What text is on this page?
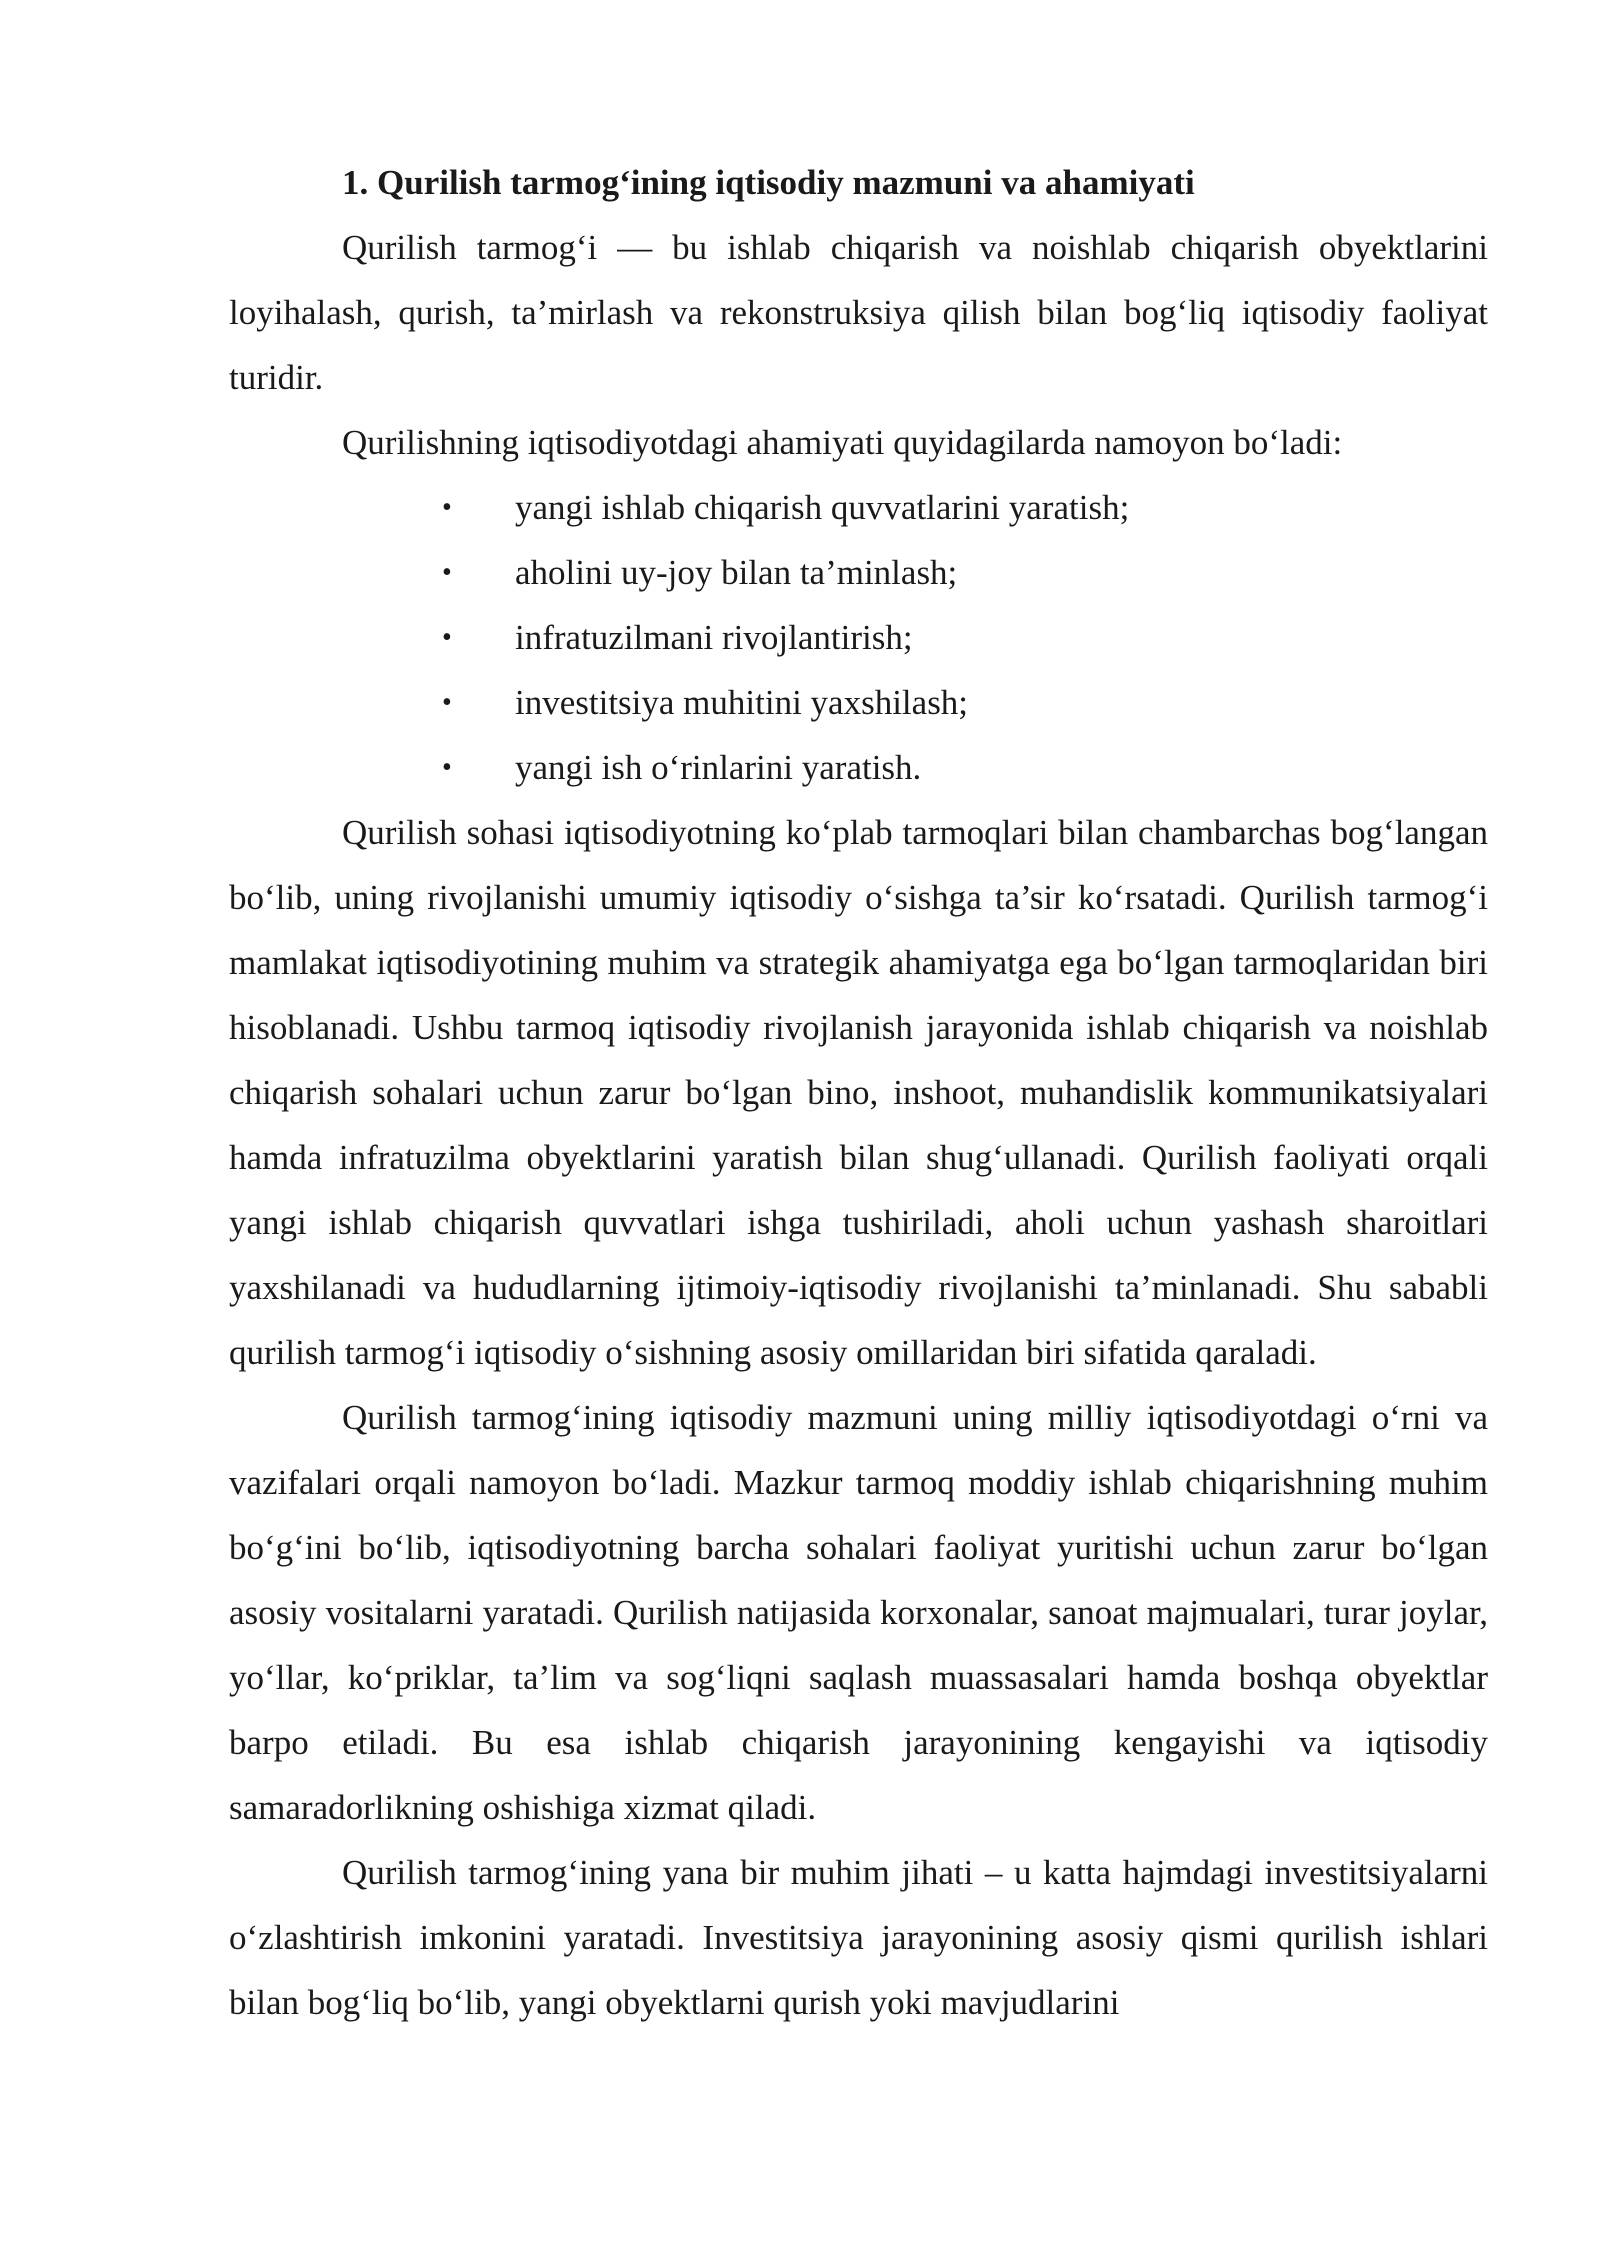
1. Qurilish tarmog‘ining iqtisodiy mazmuni va ahamiyati

Qurilish tarmog‘i — bu ishlab chiqarish va noishlab chiqarish obyektlarini loyihalash, qurish, ta’mirlash va rekonstruksiya qilish bilan bog‘liq iqtisodiy faoliyat turidir.

Qurilishning iqtisodiyotdagi ahamiyati quyidagilarda namoyon bo‘ladi:

• yangi ishlab chiqarish quvvatlarini yaratish;
• aholini uy-joy bilan ta’minlash;
• infratuzilmani rivojlantirish;
• investitsiya muhitini yaxshilash;
• yangi ish o‘rinlarini yaratish.

Qurilish sohasi iqtisodiyotning ko‘plab tarmoqlari bilan chambarchas bog‘langan bo‘lib, uning rivojlanishi umumiy iqtisodiy o‘sishga ta’sir ko‘rsatadi. Qurilish tarmog‘i mamlakat iqtisodiyotining muhim va strategik ahamiyatga ega bo‘lgan tarmoqlaridan biri hisoblanadi. Ushbu tarmoq iqtisodiy rivojlanish jarayonida ishlab chiqarish va noishlab chiqarish sohalari uchun zarur bo‘lgan bino, inshoot, muhandislik kommunikatsiyalari hamda infratuzilma obyektlarini yaratish bilan shug‘ullanadi. Qurilish faoliyati orqali yangi ishlab chiqarish quvvatlari ishga tushiriladi, aholi uchun yashash sharoitlari yaxshilanadi va hududlarning ijtimoiy-iqtisodiy rivojlanishi ta’minlanadi. Shu sababli qurilish tarmog‘i iqtisodiy o‘sishning asosiy omillaridan biri sifatida qaraladi.

Qurilish tarmog‘ining iqtisodiy mazmuni uning milliy iqtisodiyotdagi o‘rni va vazifalari orqali namoyon bo‘ladi. Mazkur tarmoq moddiy ishlab chiqarishning muhim bo‘g‘ini bo‘lib, iqtisodiyotning barcha sohalari faoliyat yuritishi uchun zarur bo‘lgan asosiy vositalarni yaratadi. Qurilish natijasida korxonalar, sanoat majmualari, turar joylar, yo‘llar, ko‘priklar, ta’lim va sog‘liqni saqlash muassasalari hamda boshqa obyektlar barpo etiladi. Bu esa ishlab chiqarish jarayonining kengayishi va iqtisodiy samaradorlikning oshishiga xizmat qiladi.

Qurilish tarmog‘ining yana bir muhim jihati – u katta hajmdagi investitsiyalarni o‘zlashtirish imkonini yaratadi. Investitsiya jarayonining asosiy qismi qurilish ishlari bilan bog‘liq bo‘lib, yangi obyektlarni qurish yoki mavjudlarini
